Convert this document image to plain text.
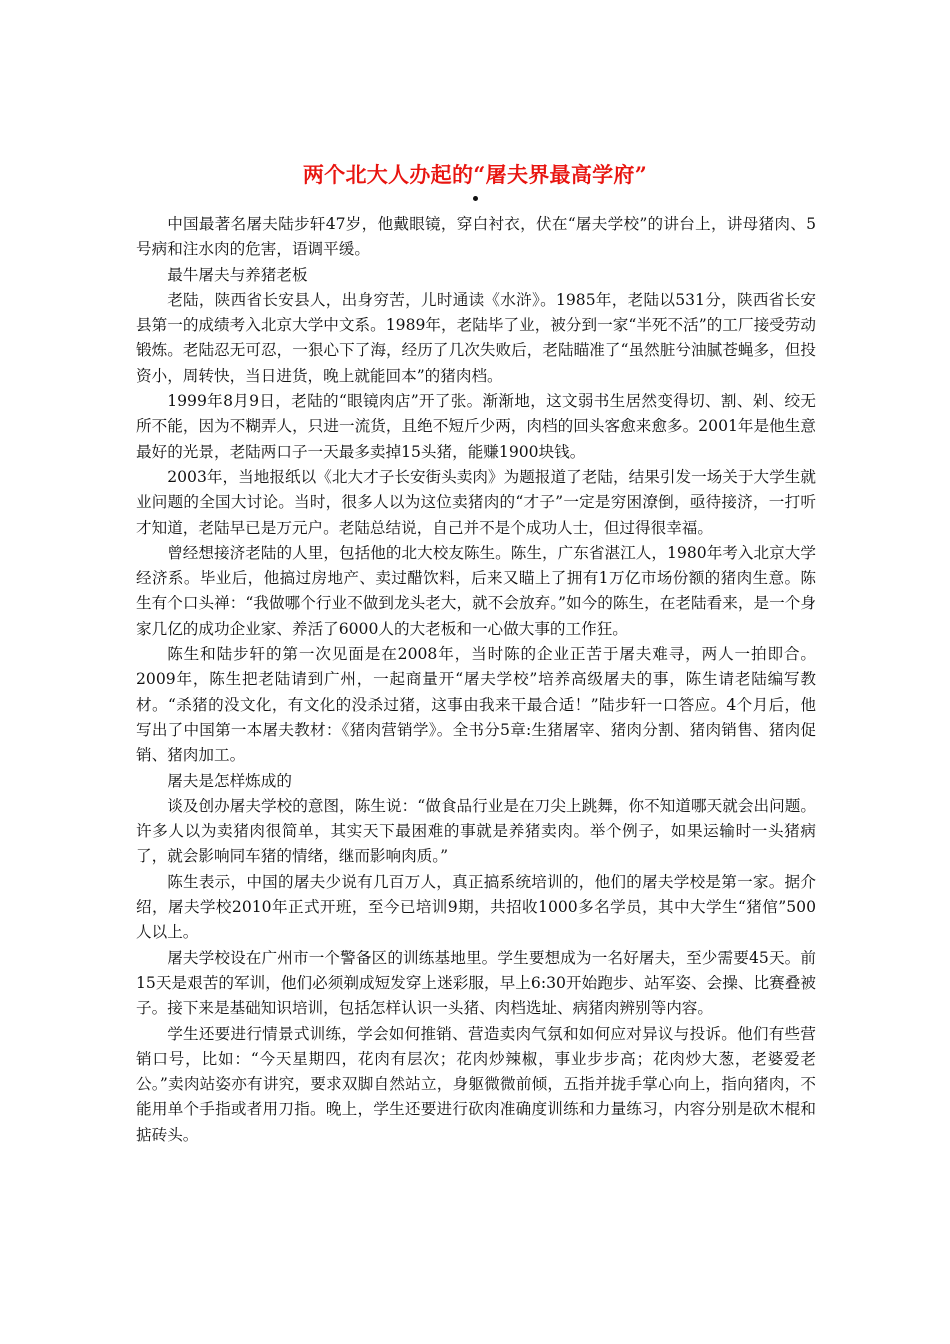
两个北大人办起的“屠夫界最高学府”

中国最著名屠夫陆步轩47岁，他戴眼镜，穿白衬衣，伏在“屠夫学校”的讲台上，讲母猪肉、5号病和注水肉的危害，语调平缓。

最牛屠夫与养猪老板

老陆，陕西省长安县人，出身穷苦，儿时通读《水浒》。1985年，老陆以531分，陕西省长安县第一的成绩考入北京大学中文系。1989年，老陆毕了业，被分到一家“半死不活”的工厂接受劳动锻炼。老陆忍无可忍，一狠心下了海，经历了几次失败后，老陆瞄准了“虽然脏兮油腻苍蝇多，但投资小，周转快，当日进货，晚上就能回本”的猪肉档。

1999年8月9日，老陆的“眼镜肉店”开了张。渐渐地，这文弱书生居然变得切、割、剁、绞无所不能，因为不糊弄人，只进一流货，且绝不短斤少两，肉档的回头客愈来愈多。2001年是他生意最好的光景，老陆两口子一天最多卖掉15头猪，能赚1900块钱。

2003年，当地报纸以《北大才子长安街头卖肉》为题报道了老陆，结果引发一场关于大学生就业问题的全国大讨论。当时，很多人以为这位卖猪肉的“才子”一定是穷困潦倒，亟待接济，一打听才知道，老陆早已是万元户。老陆总结说，自己并不是个成功人士，但过得很幸福。

曾经想接济老陆的人里，包括他的北大校友陈生。陈生，广东省湛江人，1980年考入北京大学经济系。毕业后，他搞过房地产、卖过醋饮料，后来又瞄上了拥有1万亿市场份额的猪肉生意。陈生有个口头禅：“我做哪个行业不做到龙头老大，就不会放弃。”如今的陈生，在老陆看来，是一个身家几亿的成功企业家、养活了6000人的大老板和一心做大事的工作狂。

陈生和陆步轩的第一次见面是在2008年，当时陈的企业正苦于屠夫难寻，两人一拍即合。2009年，陈生把老陆请到广州，一起商量开“屠夫学校”培养高级屠夫的事，陈生请老陆编写教材。“杀猪的没文化，有文化的没杀过猪，这事由我来干最合适！”陆步轩一口答应。4个月后，他写出了中国第一本屠夫教材：《猪肉营销学》。全书分5章:生猪屠宰、猪肉分割、猪肉销售、猪肉促销、猪肉加工。

屠夫是怎样炼成的

谈及创办屠夫学校的意图，陈生说：“做食品行业是在刀尖上跳舞，你不知道哪天就会出问题。许多人以为卖猪肉很简单，其实天下最困难的事就是养猪卖肉。举个例子，如果运输时一头猪病了，就会影响同车猪的情绪，继而影响肉质。”

陈生表示，中国的屠夫少说有几百万人，真正搞系统培训的，他们的屠夫学校是第一家。据介绍，屠夫学校2010年正式开班，至今已培训9期，共招收1000多名学员，其中大学生“猪倌”500人以上。

屠夫学校设在广州市一个警备区的训练基地里。学生要想成为一名好屠夫，至少需要45天。前15天是艰苦的军训，他们必须剃成短发穿上迷彩服，早上6:30开始跑步、站军姿、会操、比赛叠被子。接下来是基础知识培训，包括怎样认识一头猪、肉档选址、病猪肉辨别等内容。

学生还要进行情景式训练，学会如何推销、营造卖肉气氛和如何应对异议与投诉。他们有些营销口号，比如：“今天星期四，花肉有层次；花肉炒辣椒，事业步步高；花肉炒大葱，老婆爱老公。”卖肉站姿亦有讲究，要求双脚自然站立，身躯微微前倾，五指并拢手掌心向上，指向猪肉，不能用单个手指或者用刀指。晚上，学生还要进行砍肉准确度训练和力量练习，内容分别是砍木棍和掂砖头。
